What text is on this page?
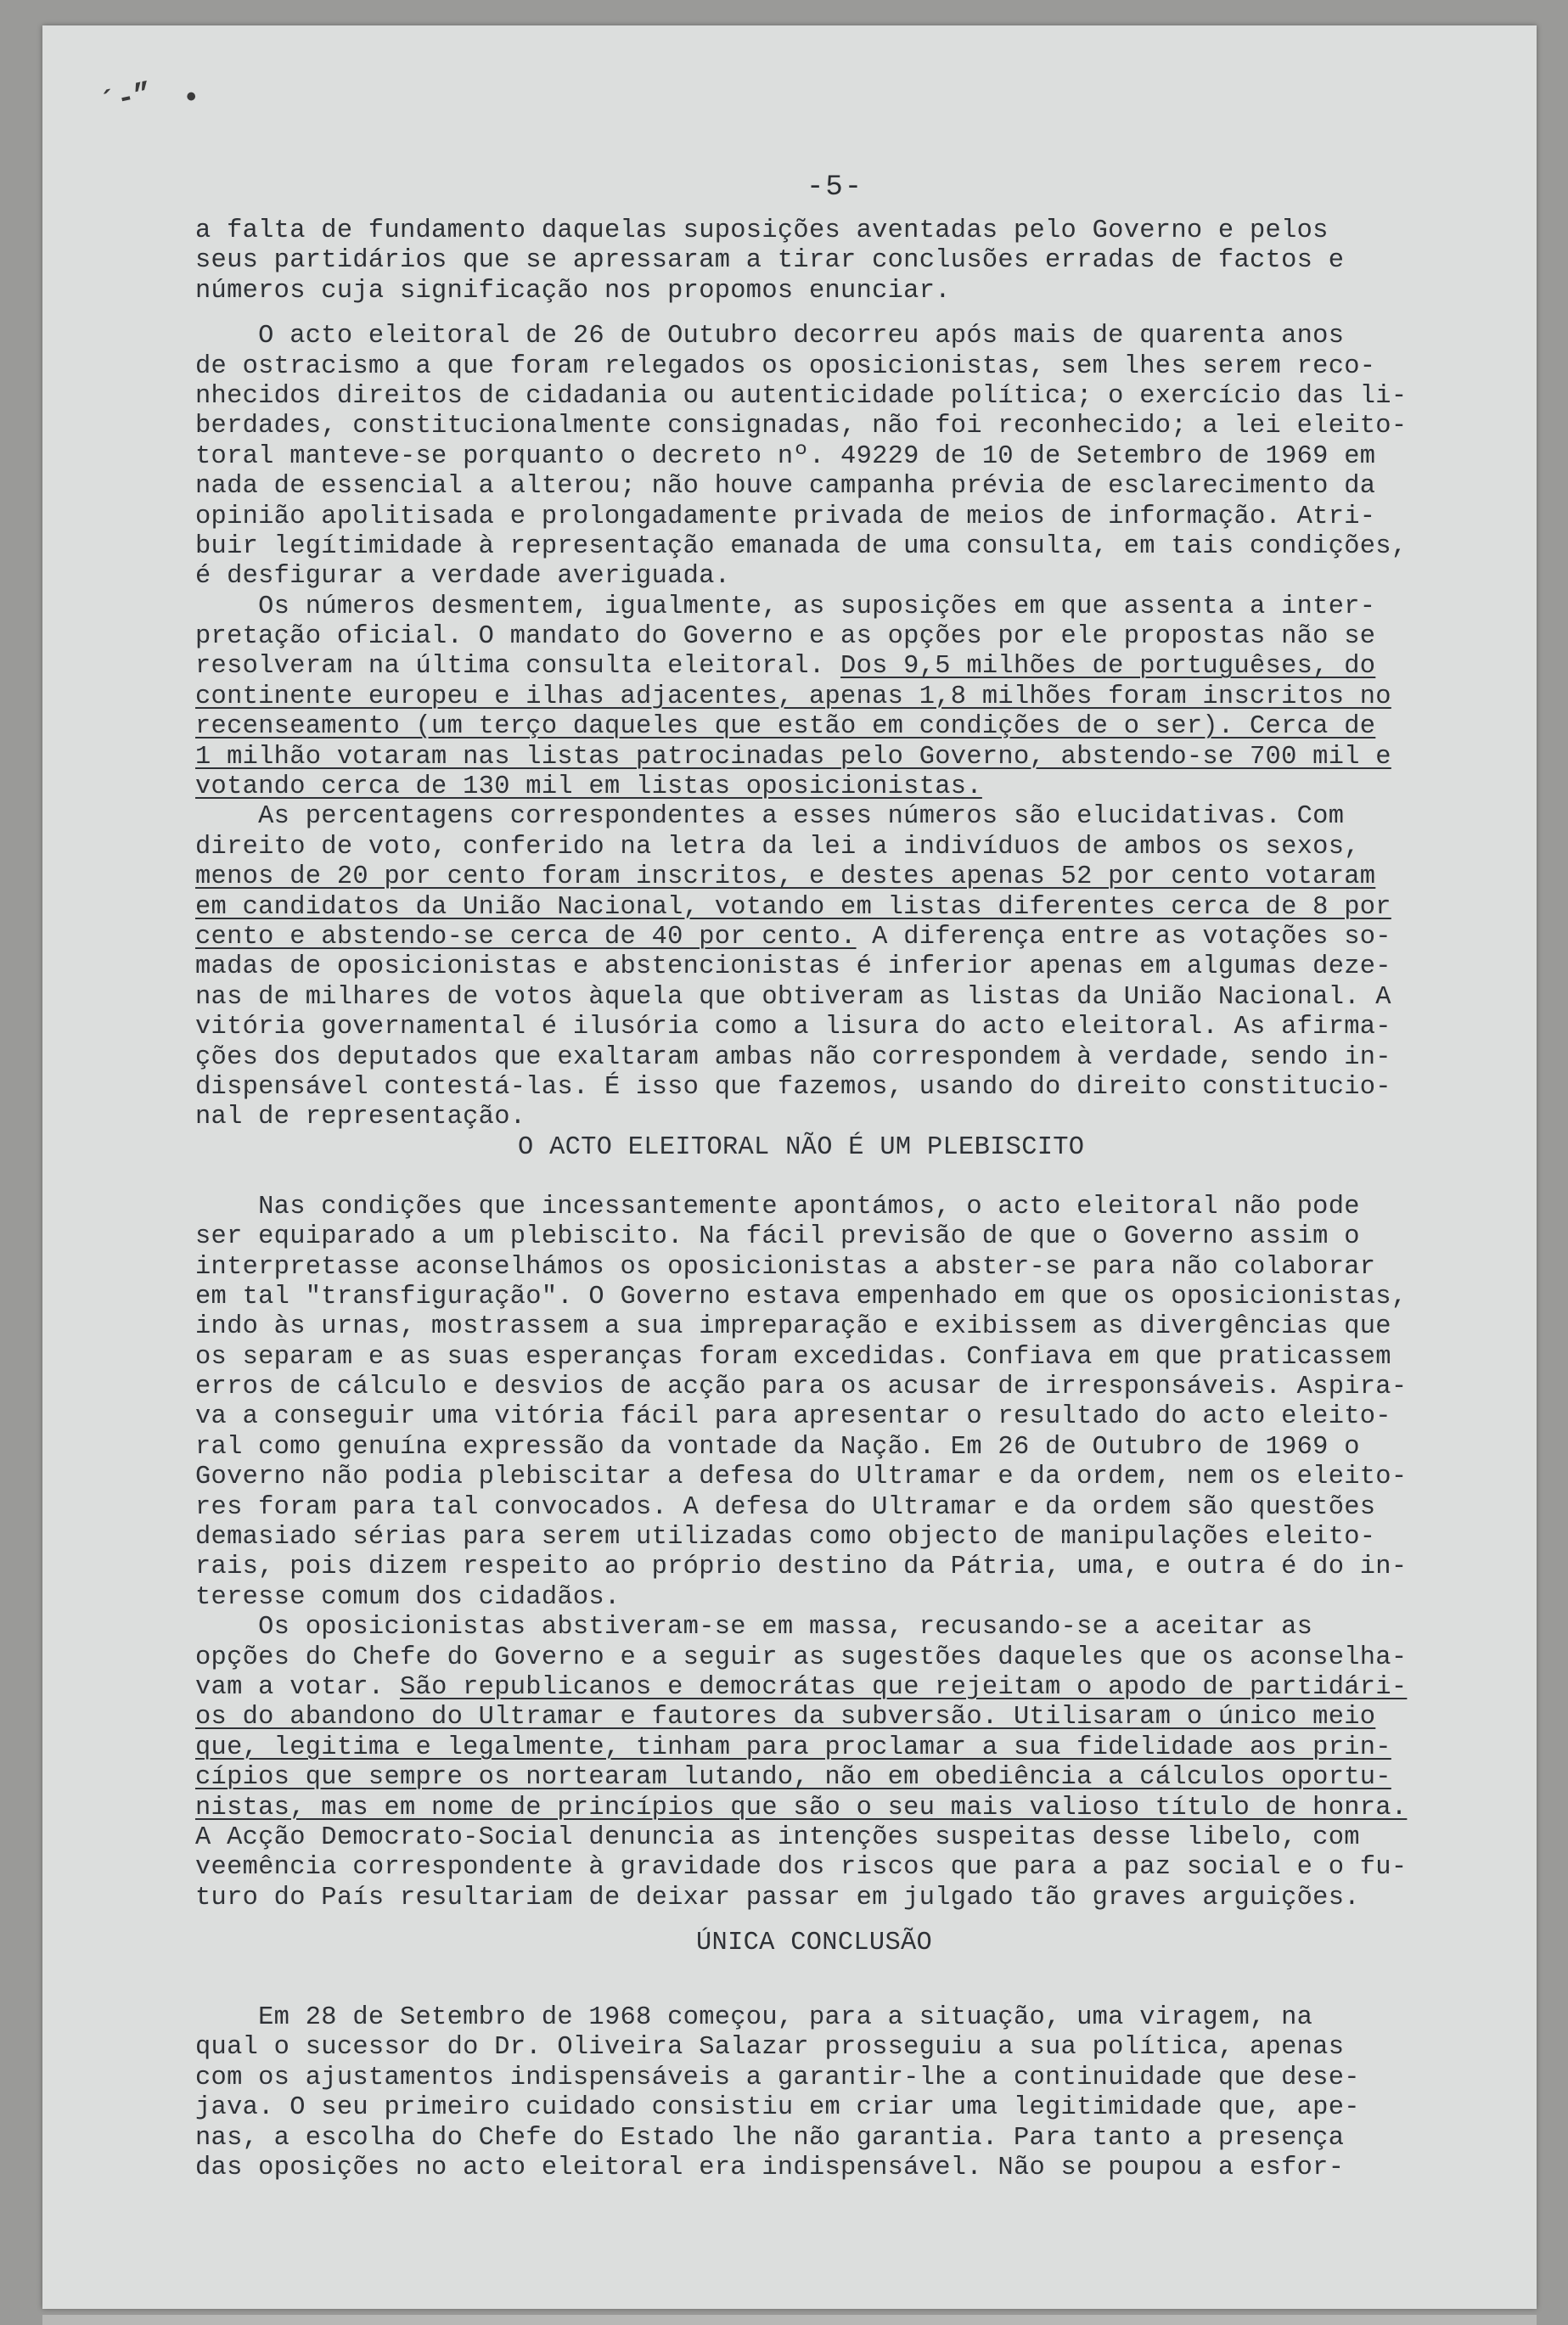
´‐” •
-5-
a falta de fundamento daquelas suposições aventadas pelo Governo e pelos
seus partidários que se apressaram a tirar conclusões erradas de factos e
números cuja significação nos propomos enunciar.
O acto eleitoral de 26 de Outubro decorreu após mais de quarenta anos
de ostracismo a que foram relegados os oposicionistas, sem lhes serem reco-
nhecidos direitos de cidadania ou autenticidade política; o exercício das li-
berdades, constitucionalmente consignadas, não foi reconhecido; a lei eleito-
toral manteve-se porquanto o decreto nº. 49229 de 10 de Setembro de 1969 em
nada de essencial a alterou; não houve campanha prévia de esclarecimento da
opinião apolitisada e prolongadamente privada de meios de informação. Atri-
buir legítimidade à representação emanada de uma consulta, em tais condições,
é desfigurar a verdade averiguada.
Os números desmentem, igualmente, as suposições em que assenta a inter-
pretação oficial. O mandato do Governo e as opções por ele propostas não se
resolveram na última consulta eleitoral. Dos 9,5 milhões de portuguêses, do
continente europeu e ilhas adjacentes, apenas 1,8 milhões foram inscritos no
recenseamento (um terço daqueles que estão em condições de o ser). Cerca de
1 milhão votaram nas listas patrocinadas pelo Governo, abstendo-se 700 mil e
votando cerca de 130 mil em listas oposicionistas.
As percentagens correspondentes a esses números são elucidativas. Com
direito de voto, conferido na letra da lei a indivíduos de ambos os sexos,
menos de 20 por cento foram inscritos, e destes apenas 52 por cento votaram
em candidatos da União Nacional, votando em listas diferentes cerca de 8 por
cento e abstendo-se cerca de 40 por cento. A diferença entre as votações so-
madas de oposicionistas e abstencionistas é inferior apenas em algumas deze-
nas de milhares de votos àquela que obtiveram as listas da União Nacional. A
vitória governamental é ilusória como a lisura do acto eleitoral. As afirma-
ções dos deputados que exaltaram ambas não correspondem à verdade, sendo in-
dispensável contestá-las. É isso que fazemos, usando do direito constitucio-
nal de representação.
O ACTO ELEITORAL NÃO É UM PLEBISCITO
Nas condições que incessantemente apontámos, o acto eleitoral não pode
ser equiparado a um plebiscito. Na fácil previsão de que o Governo assim o
interpretasse aconselhámos os oposicionistas a abster-se para não colaborar
em tal "transfiguração". O Governo estava empenhado em que os oposicionistas,
indo às urnas, mostrassem a sua impreparação e exibissem as divergências que
os separam e as suas esperanças foram excedidas. Confiava em que praticassem
erros de cálculo e desvios de acção para os acusar de irresponsáveis. Aspira-
va a conseguir uma vitória fácil para apresentar o resultado do acto eleito-
ral como genuína expressão da vontade da Nação. Em 26 de Outubro de 1969 o
Governo não podia plebiscitar a defesa do Ultramar e da ordem, nem os eleito-
res foram para tal convocados. A defesa do Ultramar e da ordem são questões
demasiado sérias para serem utilizadas como objecto de manipulações eleito-
rais, pois dizem respeito ao próprio destino da Pátria, uma, e outra é do in-
teresse comum dos cidadãos.
Os oposicionistas abstiveram-se em massa, recusando-se a aceitar as
opções do Chefe do Governo e a seguir as sugestões daqueles que os aconselha-
vam a votar. São republicanos e democrátas que rejeitam o apodo de partidári-
os do abandono do Ultramar e fautores da subversão. Utilisaram o único meio
que, legitima e legalmente, tinham para proclamar a sua fidelidade aos prin-
cípios que sempre os nortearam lutando, não em obediência a cálculos oportu-
nistas, mas em nome de princípios que são o seu mais valioso título de honra.
A Acção Democrato-Social denuncia as intenções suspeitas desse libelo, com
veemência correspondente à gravidade dos riscos que para a paz social e o fu-
turo do País resultariam de deixar passar em julgado tão graves arguições.
ÚNICA CONCLUSÃO
Em 28 de Setembro de 1968 começou, para a situação, uma viragem, na
qual o sucessor do Dr. Oliveira Salazar prosseguiu a sua política, apenas
com os ajustamentos indispensáveis a garantir-lhe a continuidade que dese-
java. O seu primeiro cuidado consistiu em criar uma legitimidade que, ape-
nas, a escolha do Chefe do Estado lhe não garantia. Para tanto a presença
das oposições no acto eleitoral era indispensável. Não se poupou a esfor-
